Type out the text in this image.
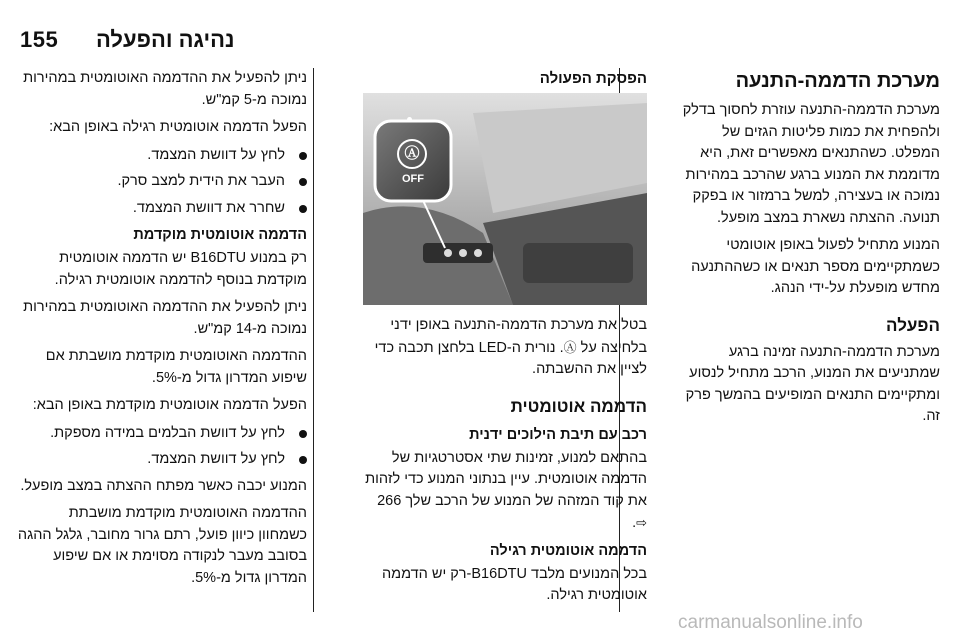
155 נהיגה והפעלה
מערכת הדממה-התנעה

מערכת הדממה-התנעה עוזרת לחסוך בדלק ולהפחית את כמות פליטות הגזים של המפלט. כשהתנאים מאפשרים זאת, היא מדוממת את המנוע ברגע שהרכב במהירות נמוכה או בעצירה, למשל ברמזור או בפקק תנועה. ההצתה נשארת במצב מופעל.

המנוע מתחיל לפעול באופן אוטומטי כשמתקיימים מספר תנאים או כשההתנעה מחדש מופעלת על-ידי הנהג.

הפעלה

מערכת הדממה-התנעה זמינה ברגע שמתניעים את המנוע, הרכב מתחיל לנסוע ומתקיימים התנאים המופיעים בהמשך פרק זה.

הפסקת הפעולה
Ⓐ
OFF

בטל את מערכת הדממה-התנעה באופן ידני בלחיצה על Ⓐ. נורית ה-LED בלחצן תכבה כדי לציין את ההשבתה.

הדממה אוטומטית
רכב עם תיבת הילוכים ידנית

בהתאם למנוע, זמינות שתי אסטרטגיות של הדממה אוטומטית. עיין בנתוני המנוע כדי לזהות את קוד המזהה של המנוע של הרכב שלך 266 ⇨.

הדממה אוטומטית רגילה

בכל המנועים מלבד B16DTU-רק יש הדממה אוטומטית רגילה.

ניתן להפעיל את ההדממה האוטומטית במהירות נמוכה מ-5 קמ"ש.

הפעל הדממה אוטומטית רגילה באופן הבא:

לחץ על דוושת המצמד.
העבר את הידית למצב סרק.
שחרר את דוושת המצמד.
הדממה אוטומטית מוקדמת

רק במנוע B16DTU יש הדממה אוטומטית מוקדמת בנוסף להדממה אוטומטית רגילה.

ניתן להפעיל את ההדממה האוטומטית במהירות נמוכה מ-14 קמ"ש.

ההדממה האוטומטית מוקדמת מושבתת אם שיפוע המדרון גדול מ-5%.

הפעל הדממה אוטומטית מוקדמת באופן הבא:

לחץ על דוושת הבלמים במידה מספקת.
לחץ על דוושת המצמד.

המנוע יכבה כאשר מפתח ההצתה במצב מופעל.

ההדממה האוטומטית מוקדמת מושבתת כשמחוון כיוון פועל, רתם גרור מחובר, גלגל ההגה בסובב מעבר לנקודה מסוימת או אם שיפוע המדרון גדול מ-5%.

carmanualsonline.info
